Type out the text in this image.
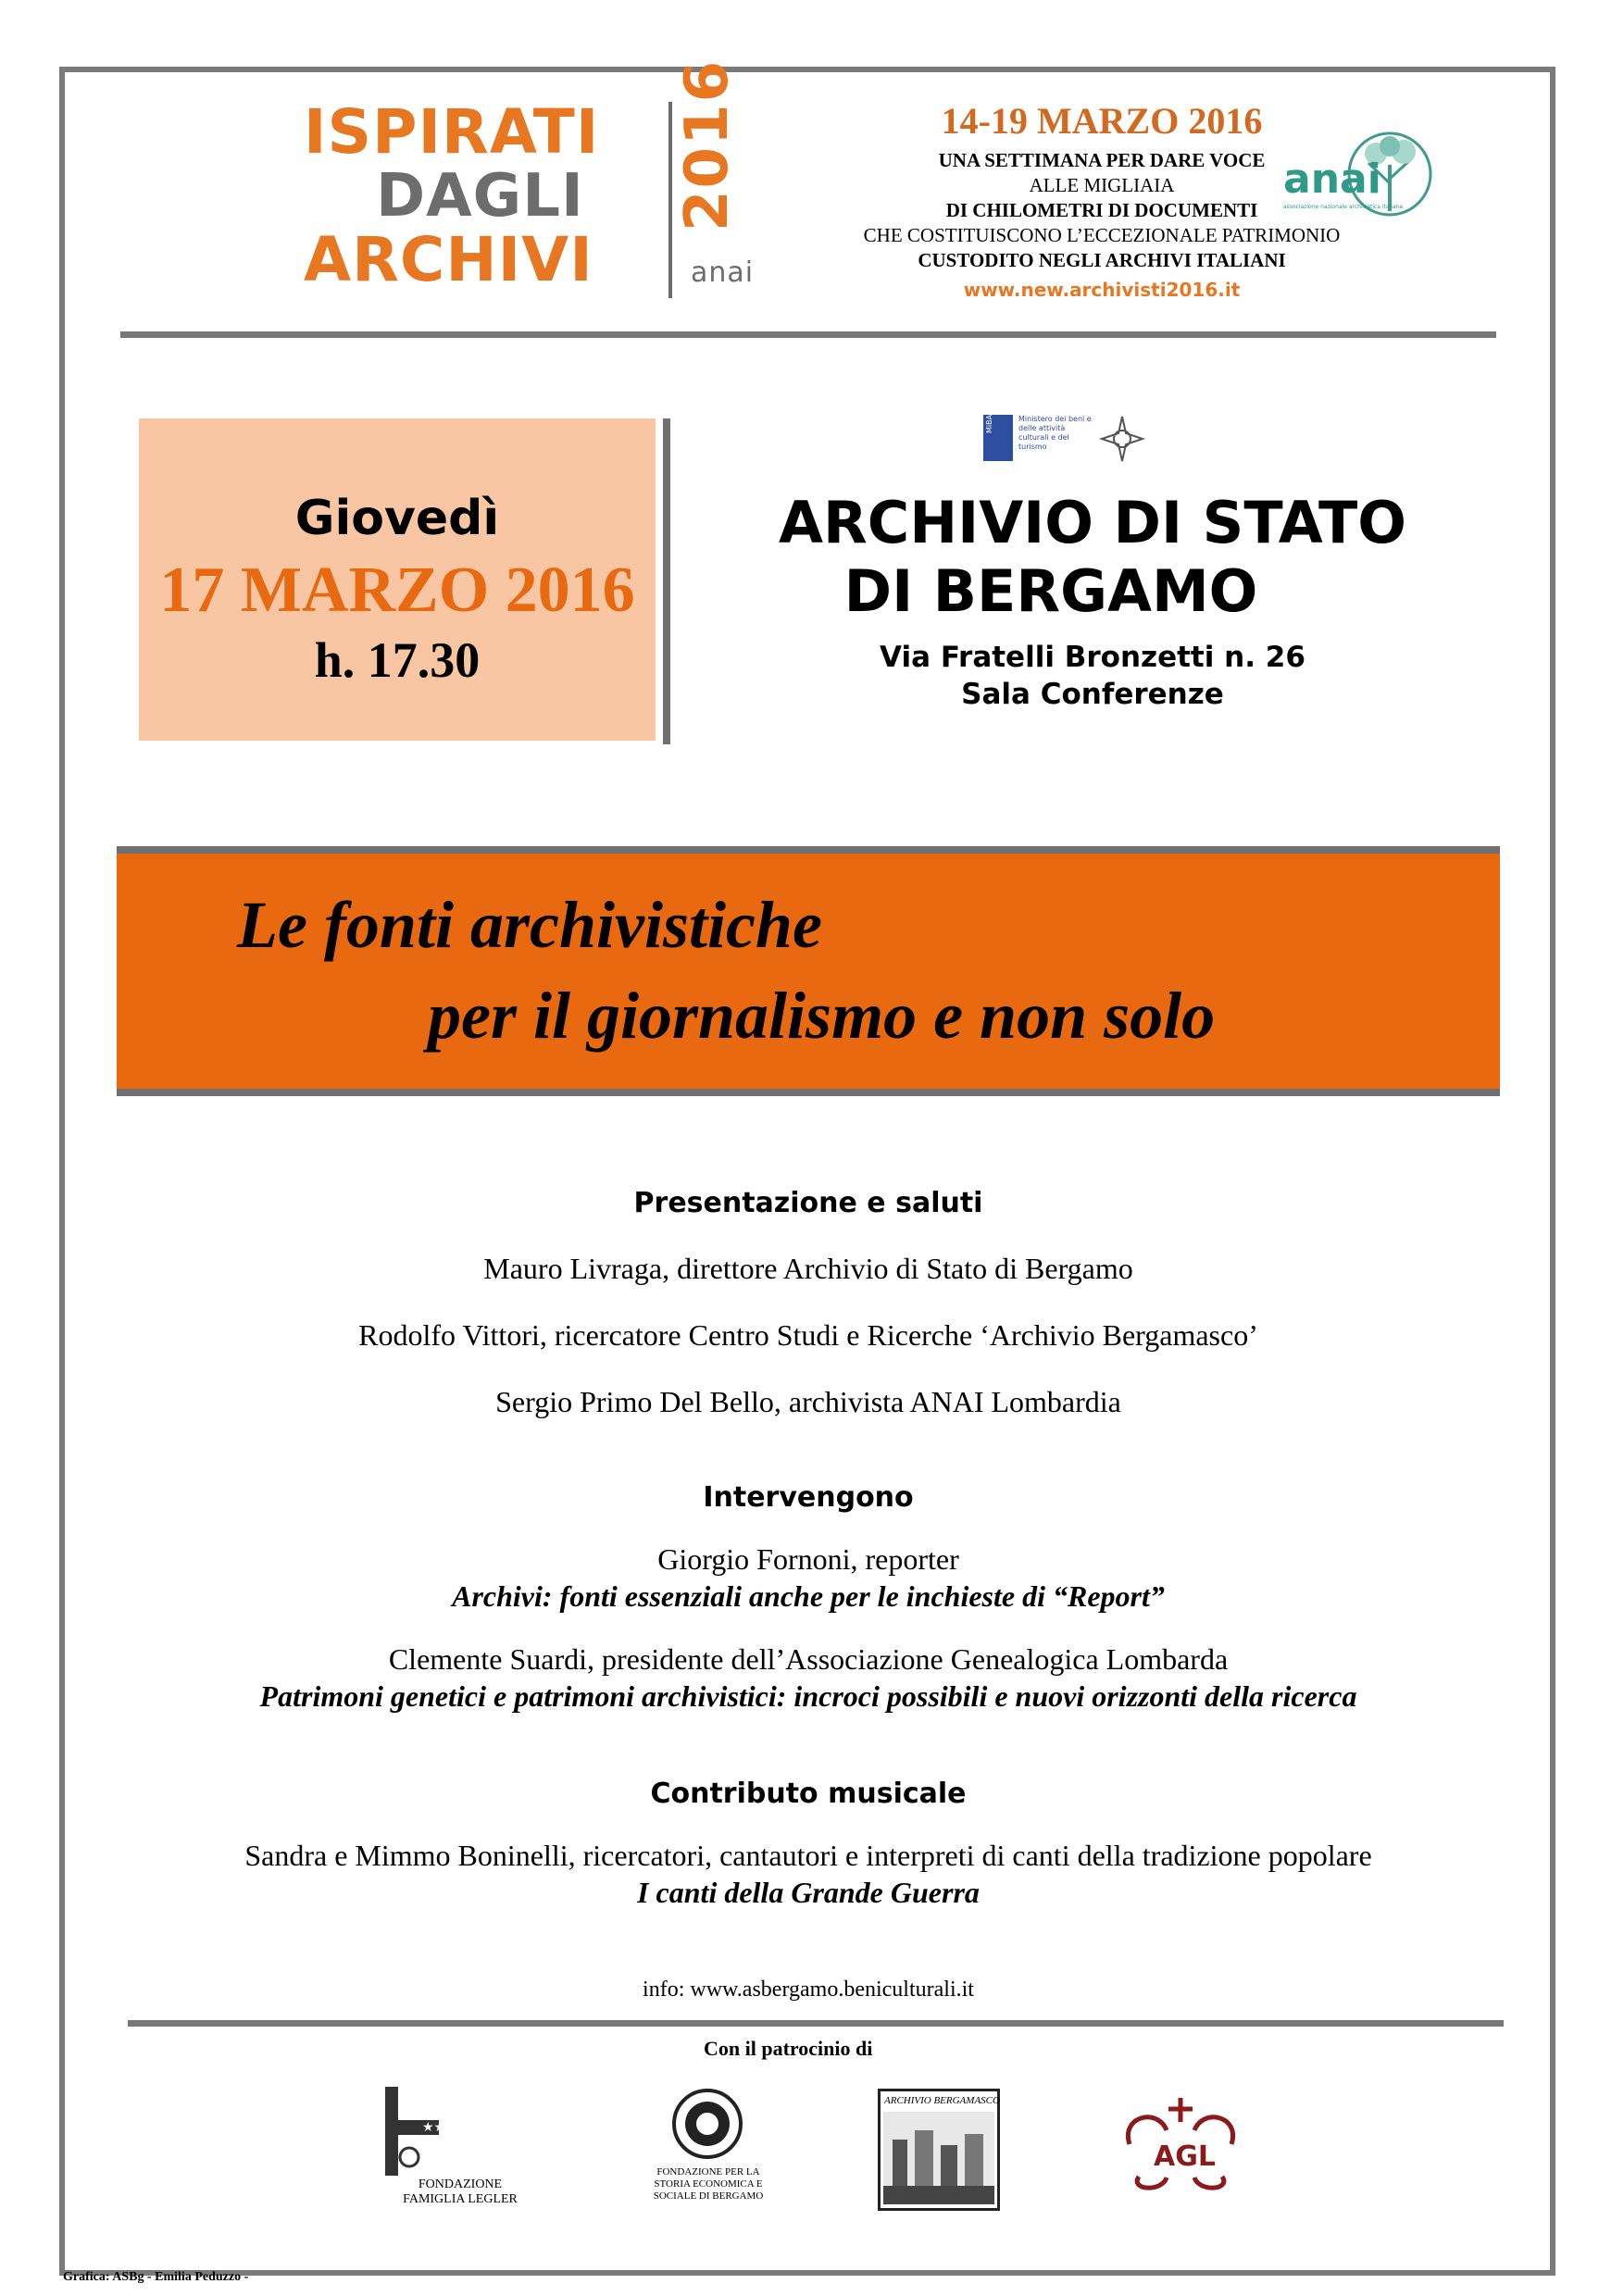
ISPIRATI
DAGLI
ARCHIVI
2016
anai
14-19 MARZO 2016
UNA SETTIMANA PER DARE VOCE
ALLE MIGLIAIA
DI CHILOMETRI DI DOCUMENTI
CHE COSTITUISCONO L’ECCEZIONALE PATRIMONIO
CUSTODITO NEGLI ARCHIVI ITALIANI
www.new.archivisti2016.it
anai
associazione nazionale archivistica italiana
Giovedì
17 MARZO 2016
h. 17.30
MiBACT	Ministero dei beni e delle attività culturali e del turismo
ARCHIVIO DI STATO
DI BERGAMO
Via Fratelli Bronzetti n. 26
Sala Conferenze
Le fonti archivistiche
per il giornalismo e non solo
Presentazione e saluti
Mauro Livraga, direttore Archivio di Stato di Bergamo
Rodolfo Vittori, ricercatore Centro Studi e Ricerche ‘Archivio Bergamasco’
Sergio Primo Del Bello, archivista ANAI Lombardia
Intervengono
Giorgio Fornoni, reporter
Archivi: fonti essenziali anche per le inchieste di “Report”
Clemente Suardi, presidente dell’Associazione Genealogica Lombarda
Patrimoni genetici e patrimoni archivistici: incroci possibili e nuovi orizzonti della ricerca
Contributo musicale
Sandra e Mimmo Boninelli, ricercatori, cantautori e interpreti di canti della tradizione popolare
I canti della Grande Guerra
info: www.asbergamo.beniculturali.it
Con il patrocinio di
★★
FONDAZIONE FAMIGLIA LEGLER
FONDAZIONE PER LA STORIA ECONOMICA E SOCIALE DI BERGAMO
ARCHIVIO BERGAMASCO
AGL
Grafica: ASBg - Emilia Peduzzo -
